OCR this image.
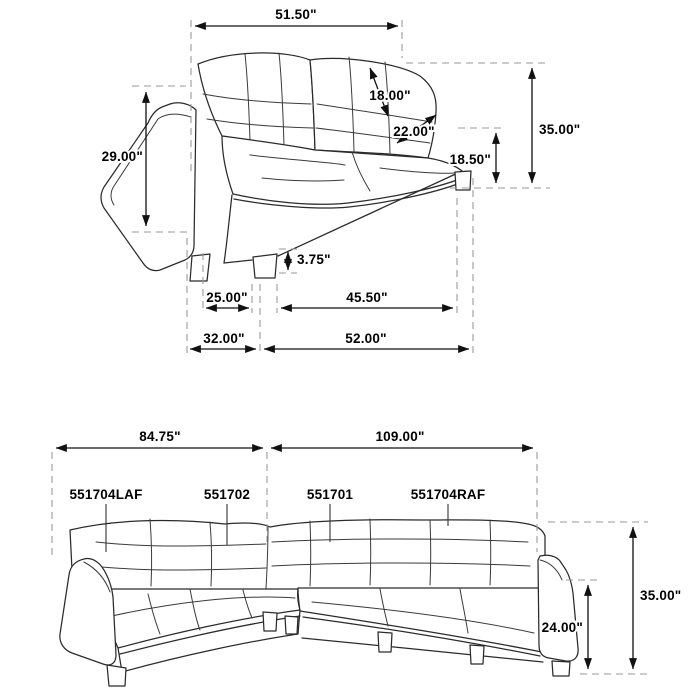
51.50"
29.00"
18.00"
22.00"	35.00"
18.50"
3.75"
25.00"	45.50"
32.00"	52.00"
84.75"	109.00"
551704LAF	551702	551701	551704RAF
35.00"
24.00"
